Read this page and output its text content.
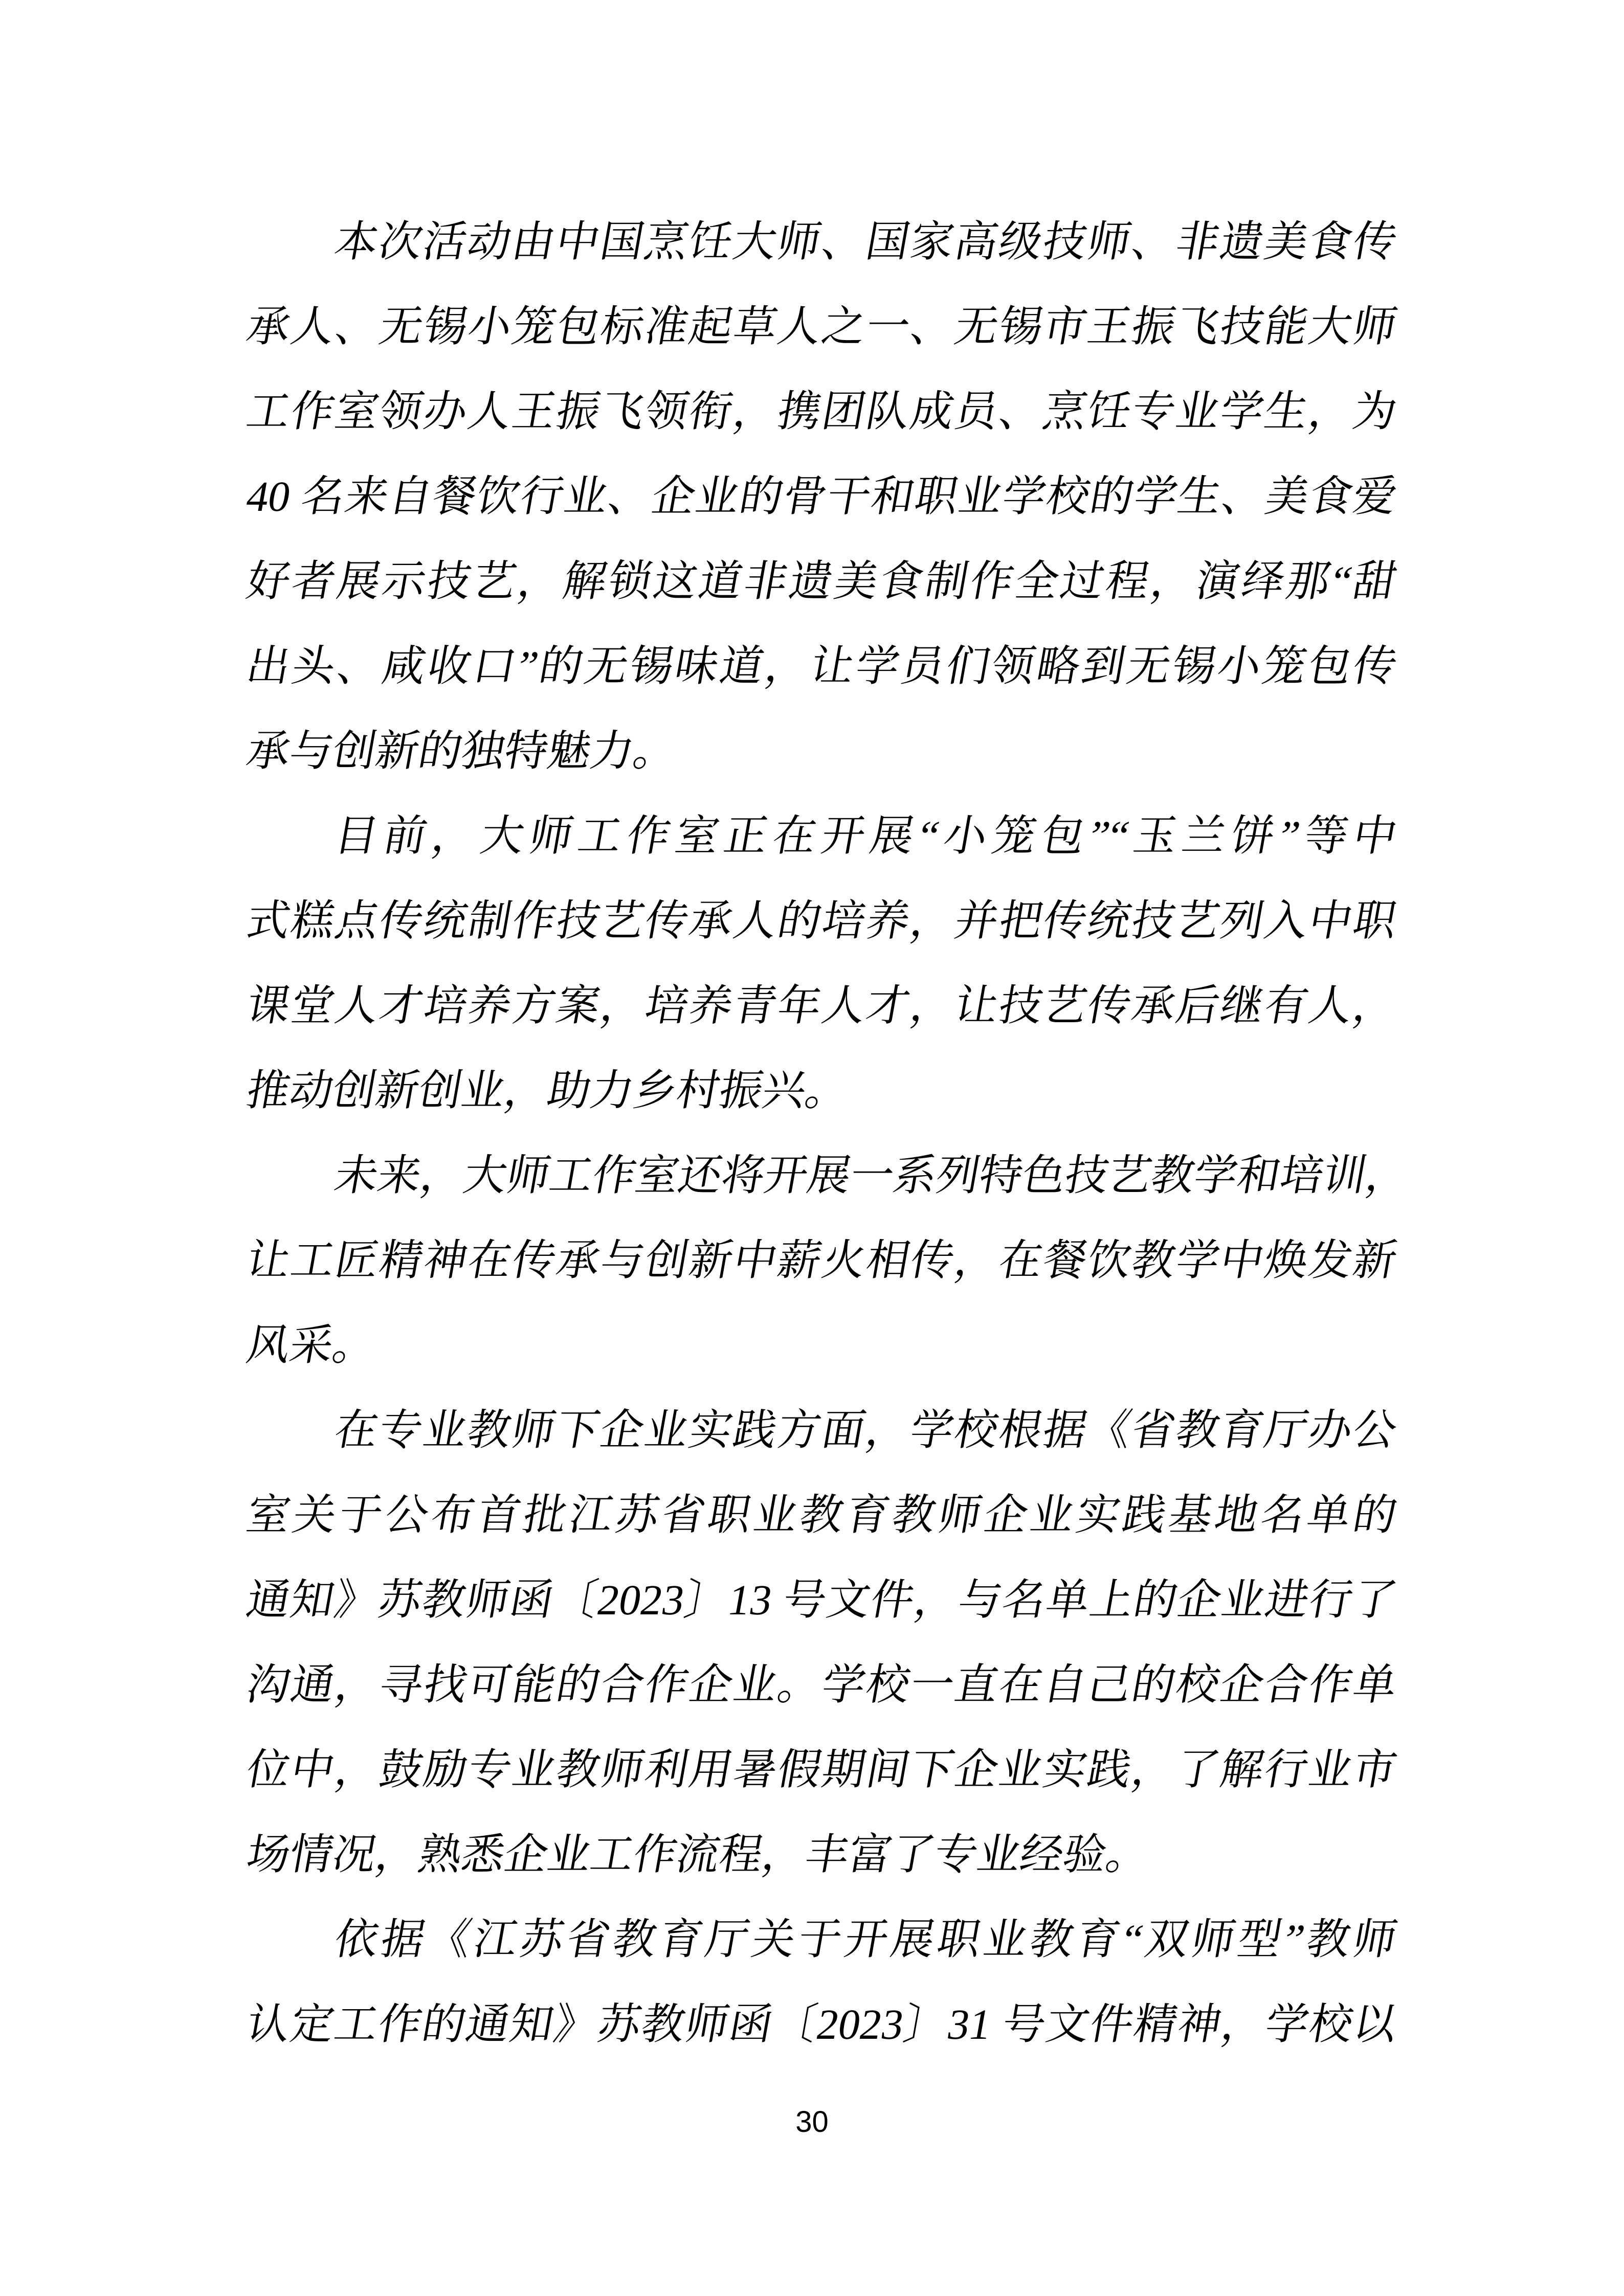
本次活动由中国烹饪大师、国家高级技师、非遗美食传

承人、无锡小笼包标准起草人之一、无锡市王振飞技能大师

工作室领办人王振飞领衔，携团队成员、烹饪专业学生，为

40 名来自餐饮行业、企业的骨干和职业学校的学生、美食爱

好者展示技艺，解锁这道非遗美食制作全过程，演绎那“甜

出头、咸收口”的无锡味道，让学员们领略到无锡小笼包传

承与创新的独特魅力。

目前，大师工作室正在开展“小笼包”“玉兰饼”等中

式糕点传统制作技艺传承人的培养，并把传统技艺列入中职

课堂人才培养方案，培养青年人才，让技艺传承后继有人，

推动创新创业，助力乡村振兴。

未来，大师工作室还将开展一系列特色技艺教学和培训，

让工匠精神在传承与创新中薪火相传，在餐饮教学中焕发新

风采。

在专业教师下企业实践方面，学校根据《省教育厅办公

室关于公布首批江苏省职业教育教师企业实践基地名单的

通知》苏教师函〔2023〕13 号文件，与名单上的企业进行了

沟通，寻找可能的合作企业。学校一直在自己的校企合作单

位中，鼓励专业教师利用暑假期间下企业实践，了解行业市

场情况，熟悉企业工作流程，丰富了专业经验。

依据《江苏省教育厅关于开展职业教育“双师型”教师

认定工作的通知》苏教师函〔2023〕31 号文件精神，学校以

30
